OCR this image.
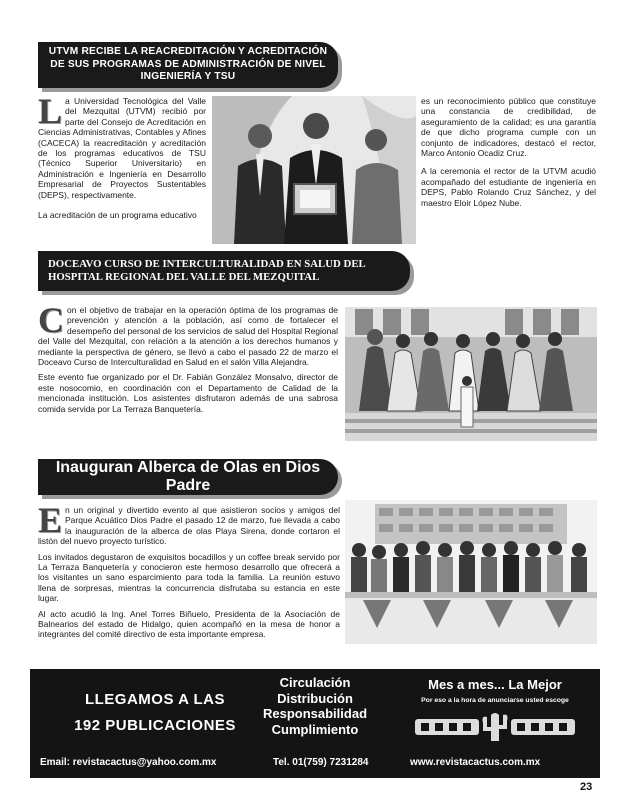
UTVM RECIBE LA REACREDITACIÓN Y ACREDITACIÓN DE SUS PROGRAMAS DE ADMINISTRACIÓN DE NIVEL INGENIERÍA Y TSU

La Universidad Tecnológica del Valle del Mezquital (UTVM) recibió por parte del Consejo de Acreditación en Ciencias Administrativas, Contables y Afines (CACECA) la reacreditación y acreditación de los programas educativos de TSU (Técnico Superior Universitario) en Administración e Ingeniería en Desarrollo Empresarial de Proyectos Sustentables (DEPS), respectivamente.

La acreditación de un programa educativo

es un reconocimiento público que constituye una constancia de credibilidad, de aseguramiento de la calidad; es una garantía de que dicho programa cumple con un conjunto de indicadores, destacó el rector, Marco Antonio Ocadiz Cruz.

A la ceremonia el rector de la UTVM acudió acompañado del estudiante de ingeniería en DEPS, Pablo Rolando Cruz Sánchez, y del maestro Eloir López Nube.

DOCEAVO CURSO DE INTERCULTURALIDAD EN SALUD DEL HOSPITAL REGIONAL DEL VALLE DEL MEZQUITAL

Con el objetivo de trabajar en la operación óptima de los programas de prevención y atención a la población, así como de fortalecer el desempeño del personal de los servicios de salud del Hospital Regional del Valle del Mezquital, con relación a la atención a los derechos humanos y mediante la perspectiva de género, se llevó a cabo el pasado 22 de marzo el Doceavo Curso de Interculturalidad en Salud en el salón Villa Alejandra.

Este evento fue organizado por el Dr. Fabián González Monsalvo, director de este nosocomio, en coordinación con el Departamento de Calidad de la mencionada institución. Los asistentes disfrutaron además de una sabrosa comida servida por La Terraza Banquetería.

Inauguran Alberca de Olas en Dios Padre

En un original y divertido evento al que asistieron socios y amigos del Parque Acuático Dios Padre el pasado 12 de marzo, fue llevada a cabo la inauguración de la alberca de olas Playa Sirena, donde cortaron el listón del nuevo proyecto turístico.

Los invitados degustaron de exquisitos bocadillos y un coffee break servido por La Terraza Banquetería y conocieron este hermoso desarrollo que ofrecerá a los visitantes un sano esparcimiento para toda la familia. La reunión estuvo llena de sorpresas, mientras la concurrencia disfrutaba su estancia en este lugar.

Al acto acudió la Ing. Anel Torres Biñuelo, Presidenta de la Asociación de Balnearios del estado de Hidalgo, quien acompañó en la mesa de honor a integrantes del comité directivo de esta importante empresa.

LLEGAMOS A LAS
192 PUBLICACIONES
Circulación
Distribución
Responsabilidad
Cumplimiento
Mes a mes... La Mejor
Por eso a la hora de anunciarse usted escoge
Email: revistacactus@yahoo.com.mx	Tel. 01(759) 7231284	www.revistacactus.com.mx
23
